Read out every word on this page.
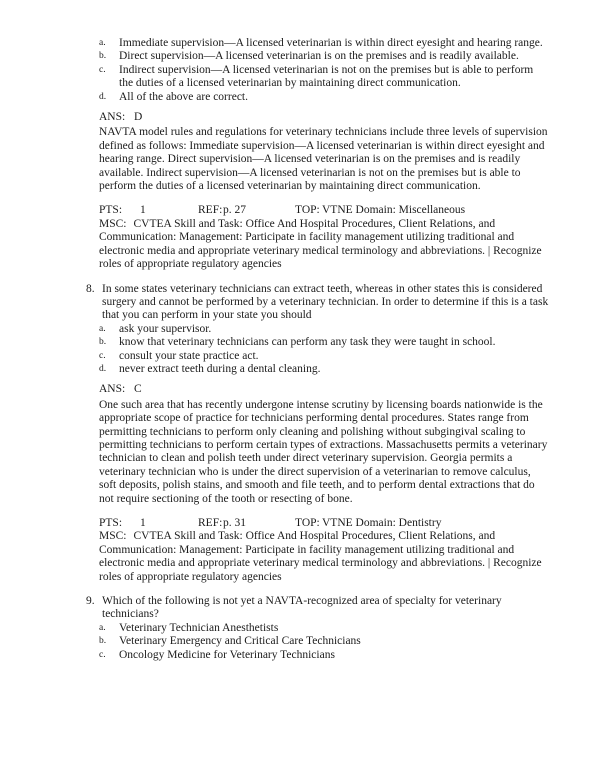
a.	Immediate supervision—A licensed veterinarian is within direct eyesight and hearing range.
b.	Direct supervision—A licensed veterinarian is on the premises and is readily available.
c.	Indirect supervision—A licensed veterinarian is not on the premises but is able to perform the duties of a licensed veterinarian by maintaining direct communication.
d.	All of the above are correct.
ANS: D

NAVTA model rules and regulations for veterinary technicians include three levels of supervision defined as follows: Immediate supervision—A licensed veterinarian is within direct eyesight and hearing range. Direct supervision—A licensed veterinarian is on the premises and is readily available. Indirect supervision—A licensed veterinarian is not on the premises but is able to perform the duties of a licensed veterinarian by maintaining direct communication.

PTS:	1	REF: p. 27	TOP: VTNE Domain: Miscellaneous

MSC: CVTEA Skill and Task: Office And Hospital Procedures, Client Relations, and Communication: Management: Participate in facility management utilizing traditional and electronic media and appropriate veterinary medical terminology and abbreviations. | Recognize roles of appropriate regulatory agencies

8. In some states veterinary technicians can extract teeth, whereas in other states this is considered surgery and cannot be performed by a veterinary technician. In order to determine if this is a task that you can perform in your state you should
a.	ask your supervisor.
b.	know that veterinary technicians can perform any task they were taught in school.
c.	consult your state practice act.
d.	never extract teeth during a dental cleaning.
ANS: C

One such area that has recently undergone intense scrutiny by licensing boards nationwide is the appropriate scope of practice for technicians performing dental procedures. States range from permitting technicians to perform only cleaning and polishing without subgingival scaling to permitting technicians to perform certain types of extractions. Massachusetts permits a veterinary technician to clean and polish teeth under direct veterinary supervision. Georgia permits a veterinary technician who is under the direct supervision of a veterinarian to remove calculus, soft deposits, polish stains, and smooth and file teeth, and to perform dental extractions that do not require sectioning of the tooth or resecting of bone.

PTS:	1	REF: p. 31	TOP: VTNE Domain: Dentistry

MSC: CVTEA Skill and Task: Office And Hospital Procedures, Client Relations, and Communication: Management: Participate in facility management utilizing traditional and electronic media and appropriate veterinary medical terminology and abbreviations. | Recognize roles of appropriate regulatory agencies

9. Which of the following is not yet a NAVTA-recognized area of specialty for veterinary technicians?
a.	Veterinary Technician Anesthetists
b.	Veterinary Emergency and Critical Care Technicians
c.	Oncology Medicine for Veterinary Technicians
